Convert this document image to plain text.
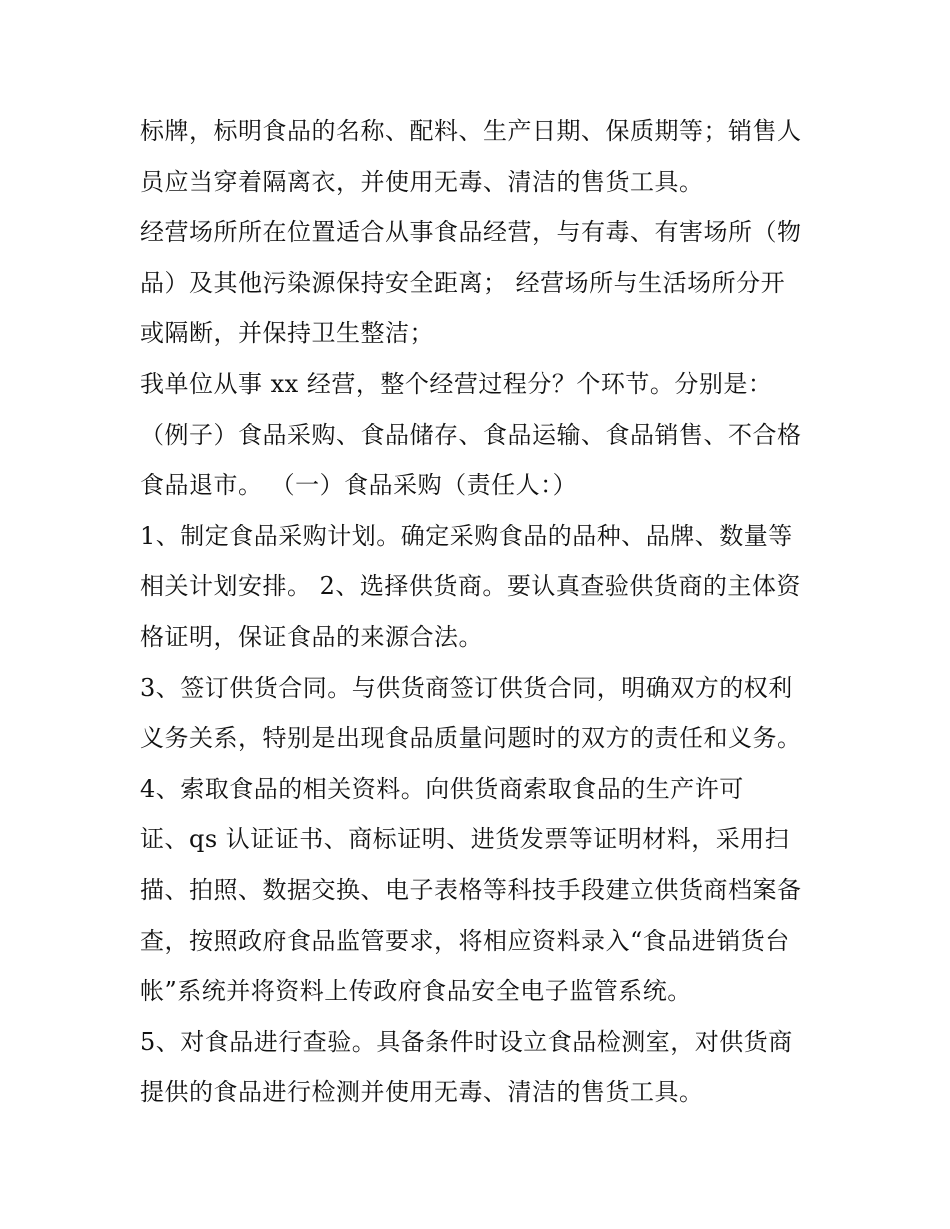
标牌，标明食品的名称、配料、生产日期、保质期等；销售人
员应当穿着隔离衣，并使用无毒、清洁的售货工具。

经营场所所在位置适合从事食品经营，与有毒、有害场所（物
品）及其他污染源保持安全距离； 经营场所与生活场所分开
或隔断，并保持卫生整洁；

我单位从事 xx 经营，整个经营过程分？个环节。分别是：
（例子）食品采购、食品储存、食品运输、食品销售、不合格
食品退市。 （一）食品采购（责任人：）

1、制定食品采购计划。确定采购食品的品种、品牌、数量等
相关计划安排。 2、选择供货商。要认真查验供货商的主体资
格证明，保证食品的来源合法。

3、签订供货合同。与供货商签订供货合同，明确双方的权利
义务关系，特别是出现食品质量问题时的双方的责任和义务。

4、索取食品的相关资料。向供货商索取食品的生产许可
证、qs 认证证书、商标证明、进货发票等证明材料，采用扫
描、拍照、数据交换、电子表格等科技手段建立供货商档案备
查，按照政府食品监管要求，将相应资料录入“食品进销货台
帐”系统并将资料上传政府食品安全电子监管系统。

5、对食品进行查验。具备条件时设立食品检测室，对供货商
提供的食品进行检测并使用无毒、清洁的售货工具。
